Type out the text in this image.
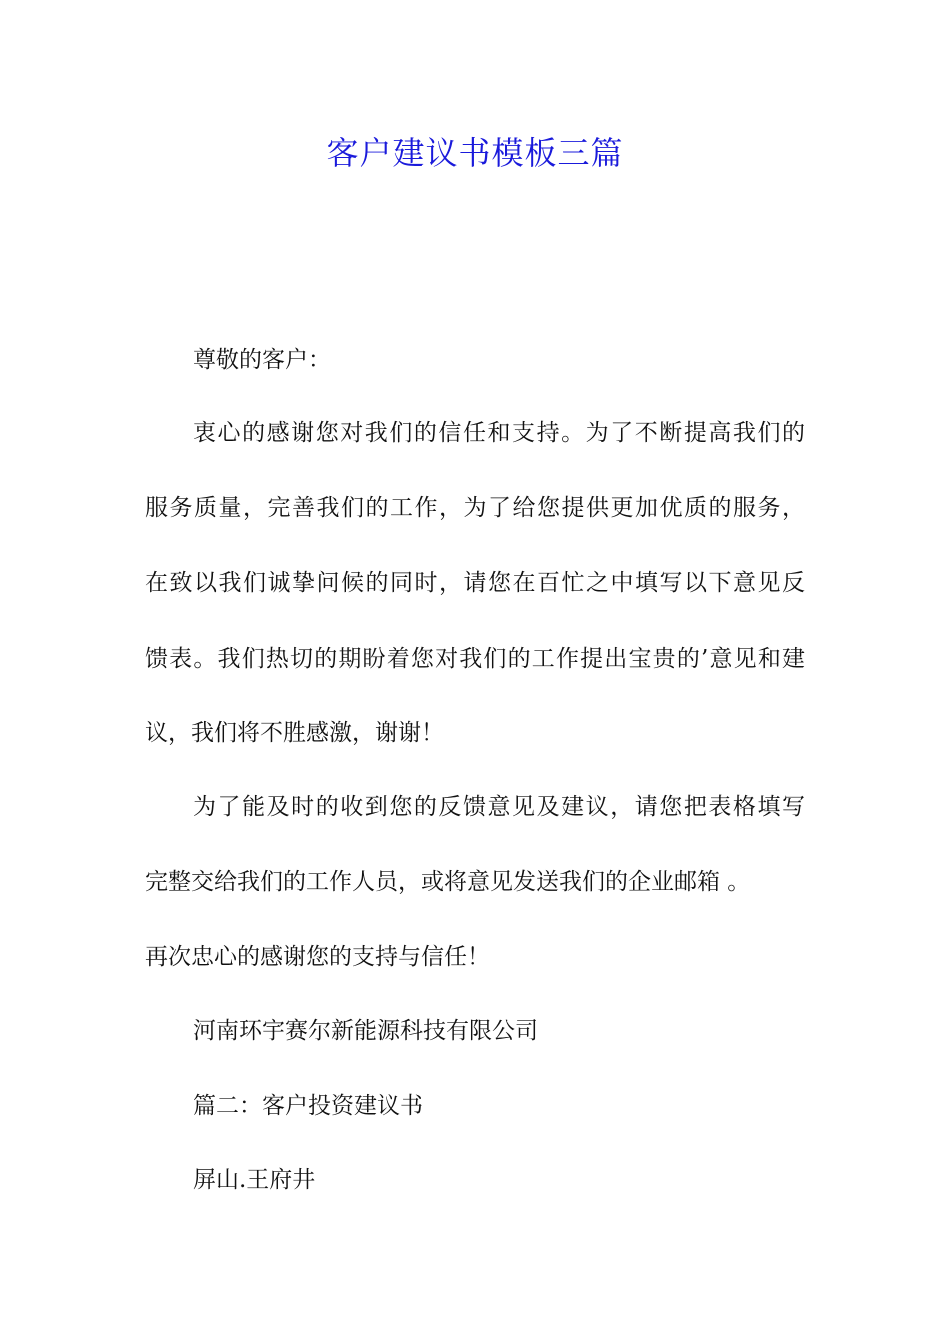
客户建议书模板三篇
尊敬的客户：
衷心的感谢您对我们的信任和支持。为了不断提高我们的
服务质量，完善我们的工作，为了给您提供更加优质的服务，
在致以我们诚挚问候的同时，请您在百忙之中填写以下意见反
馈表。我们热切的期盼着您对我们的工作提出宝贵的’意见和建
议，我们将不胜感激，谢谢！
为了能及时的收到您的反馈意见及建议，请您把表格填写
完整交给我们的工作人员，或将意见发送我们的企业邮箱 。
再次忠心的感谢您的支持与信任！
河南环宇赛尔新能源科技有限公司
篇二：客户投资建议书
屏山.王府井
